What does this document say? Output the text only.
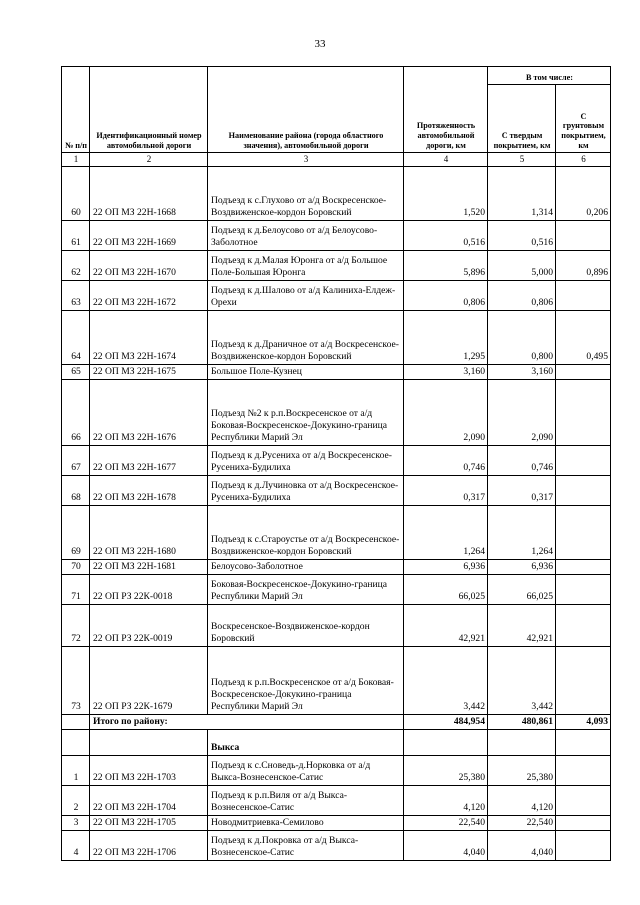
33
№ п/п	Идентификационный номер автомобильной дороги	Наименование района (города областного значения), автомобильной дороги	Протяженность автомобильной дороги, км	В том числе:	
				С твердым покрытием, км	С грунтовым покрытием, км
1	2	3	4	5	6
60	22 ОП МЗ 22Н-1668	Подъезд к с.Глухово от а/д Воскресенское-Воздвиженское-кордон Боровский	1,520	1,314	0,206
61	22 ОП МЗ 22Н-1669	Подъезд к д.Белоусово от а/д Белоусово-Заболотное	0,516	0,516	
62	22 ОП МЗ 22Н-1670	Подъезд к д.Малая Юронга от а/д Большое Поле-Большая Юронга	5,896	5,000	0,896
63	22 ОП МЗ 22Н-1672	Подъезд к д.Шалово от а/д Калиниха-Елдеж-Орехи	0,806	0,806	
64	22 ОП МЗ 22Н-1674	Подъезд к д.Драничное от а/д Воскресенское-Воздвиженское-кордон Боровский	1,295	0,800	0,495
65	22 ОП МЗ 22Н-1675	Большое Поле-Кузнец	3,160	3,160	
66	22 ОП МЗ 22Н-1676	Подъезд №2 к р.п.Воскресенское от а/д Боковая-Воскресенское-Докукино-граница Республики Марий Эл	2,090	2,090	
67	22 ОП МЗ 22Н-1677	Подъезд к д.Русениха от а/д Воскресенское-Русениха-Будилиха	0,746	0,746	
68	22 ОП МЗ 22Н-1678	Подъезд к д.Лучиновка от а/д Воскресенское-Русениха-Будилиха	0,317	0,317	
69	22 ОП МЗ 22Н-1680	Подъезд к с.Староустье от а/д Воскресенское-Воздвиженское-кордон Боровский	1,264	1,264	
70	22 ОП МЗ 22Н-1681	Белоусово-Заболотное	6,936	6,936	
71	22 ОП РЗ 22К-0018	Боковая-Воскресенское-Докукино-граница Республики Марий Эл	66,025	66,025	
72	22 ОП РЗ 22К-0019	Воскресенское-Воздвиженское-кордон Боровский	42,921	42,921	
73	22 ОП РЗ 22К-1679	Подъезд к р.п.Воскресенское от а/д Боковая-Воскресенское-Докукино-граница Республики Марий Эл	3,442	3,442	
	Итого по району:		484,954	480,861	4,093
		Выкса			
1	22 ОП МЗ 22Н-1703	Подъезд к с.Сноведь-д.Норковка от а/д Выкса-Вознесенское-Сатис	25,380	25,380	
2	22 ОП МЗ 22Н-1704	Подъезд к р.п.Виля от а/д Выкса-Вознесенское-Сатис	4,120	4,120	
3	22 ОП МЗ 22Н-1705	Новодмитриевка-Семилово	22,540	22,540	
4	22 ОП МЗ 22Н-1706	Подъезд к д.Покровка от а/д Выкса-Вознесенское-Сатис	4,040	4,040	
